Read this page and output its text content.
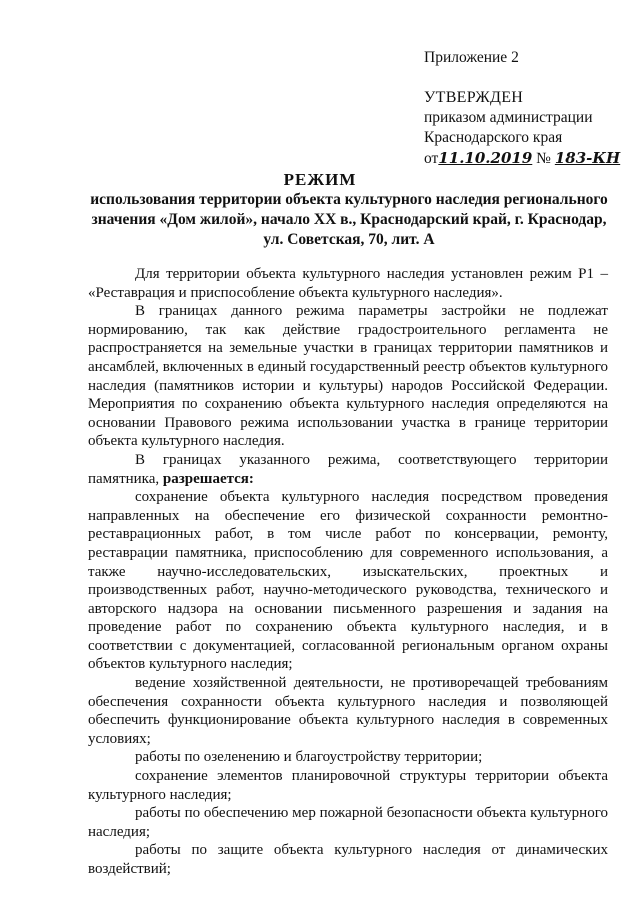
Приложение 2
УТВЕРЖДЕН
приказом администрации
Краснодарского края
от11.10.2019 № 183-КН
РЕЖИМ
использования территории объекта культурного наследия регионального значения «Дом жилой», начало XX в., Краснодарский край, г. Краснодар, ул. Советская, 70, лит. А

Для территории объекта культурного наследия установлен режим Р1 – «Реставрация и приспособление объекта культурного наследия».

В границах данного режима параметры застройки не подлежат нормированию, так как действие градостроительного регламента не распространяется на земельные участки в границах территории памятников и ансамблей, включенных в единый государственный реестр объектов культурного наследия (памятников истории и культуры) народов Российской Федерации. Мероприятия по сохранению объекта культурного наследия определяются на основании Правового режима использовании участка в границе территории объекта культурного наследия.

В границах указанного режима, соответствующего территории памятника, разрешается:

сохранение объекта культурного наследия посредством проведения направленных на обеспечение его физической сохранности ремонтно-реставрационных работ, в том числе работ по консервации, ремонту, реставрации памятника, приспособлению для современного использования, а также научно-исследовательских, изыскательских, проектных и производственных работ, научно-методического руководства, технического и авторского надзора на основании письменного разрешения и задания на проведение работ по сохранению объекта культурного наследия, и в соответствии с документацией, согласованной региональным органом охраны объектов культурного наследия;

ведение хозяйственной деятельности, не противоречащей требованиям обеспечения сохранности объекта культурного наследия и позволяющей обеспечить функционирование объекта культурного наследия в современных условиях;

работы по озеленению и благоустройству территории;

сохранение элементов планировочной структуры территории объекта культурного наследия;

работы по обеспечению мер пожарной безопасности объекта культурного наследия;

работы по защите объекта культурного наследия от динамических воздействий;
